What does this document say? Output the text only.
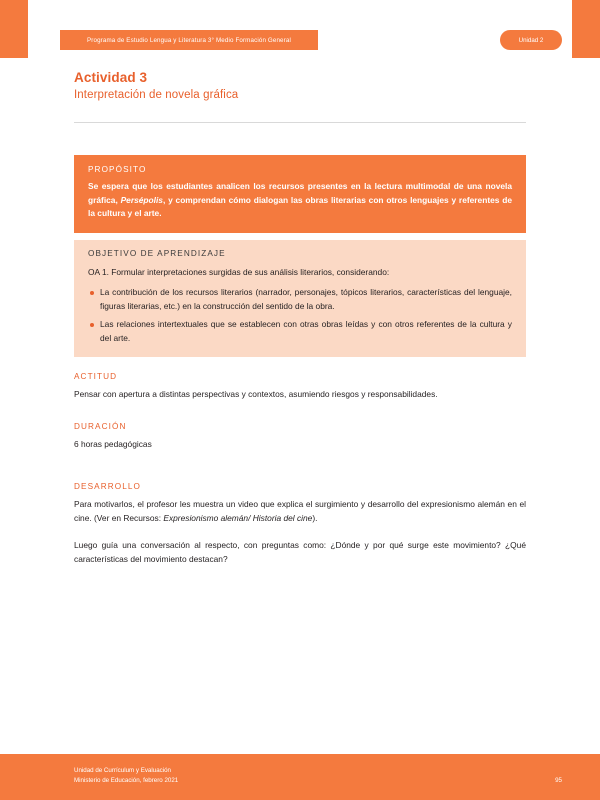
Programa de Estudio Lengua y Literatura 3° Medio Formación General	Unidad 2
Actividad 3
Interpretación de novela gráfica
PROPÓSITO
Se espera que los estudiantes analicen los recursos presentes en la lectura multimodal de una novela gráfica, Persépolis, y comprendan cómo dialogan las obras literarias con otros lenguajes y referentes de la cultura y el arte.
OBJETIVO DE APRENDIZAJE
OA 1. Formular interpretaciones surgidas de sus análisis literarios, considerando:
La contribución de los recursos literarios (narrador, personajes, tópicos literarios, características del lenguaje, figuras literarias, etc.) en la construcción del sentido de la obra.
Las relaciones intertextuales que se establecen con otras obras leídas y con otros referentes de la cultura y del arte.
ACTITUD
Pensar con apertura a distintas perspectivas y contextos, asumiendo riesgos y responsabilidades.
DURACIÓN
6 horas pedagógicas
DESARROLLO

Para motivarlos, el profesor les muestra un video que explica el surgimiento y desarrollo del expresionismo alemán en el cine. (Ver en Recursos: Expresionismo alemán/ Historia del cine).

Luego guía una conversación al respecto, con preguntas como: ¿Dónde y por qué surge este movimiento? ¿Qué características del movimiento destacan?

Unidad de Currículum y Evaluación
Ministerio de Educación, febrero 2021	95
